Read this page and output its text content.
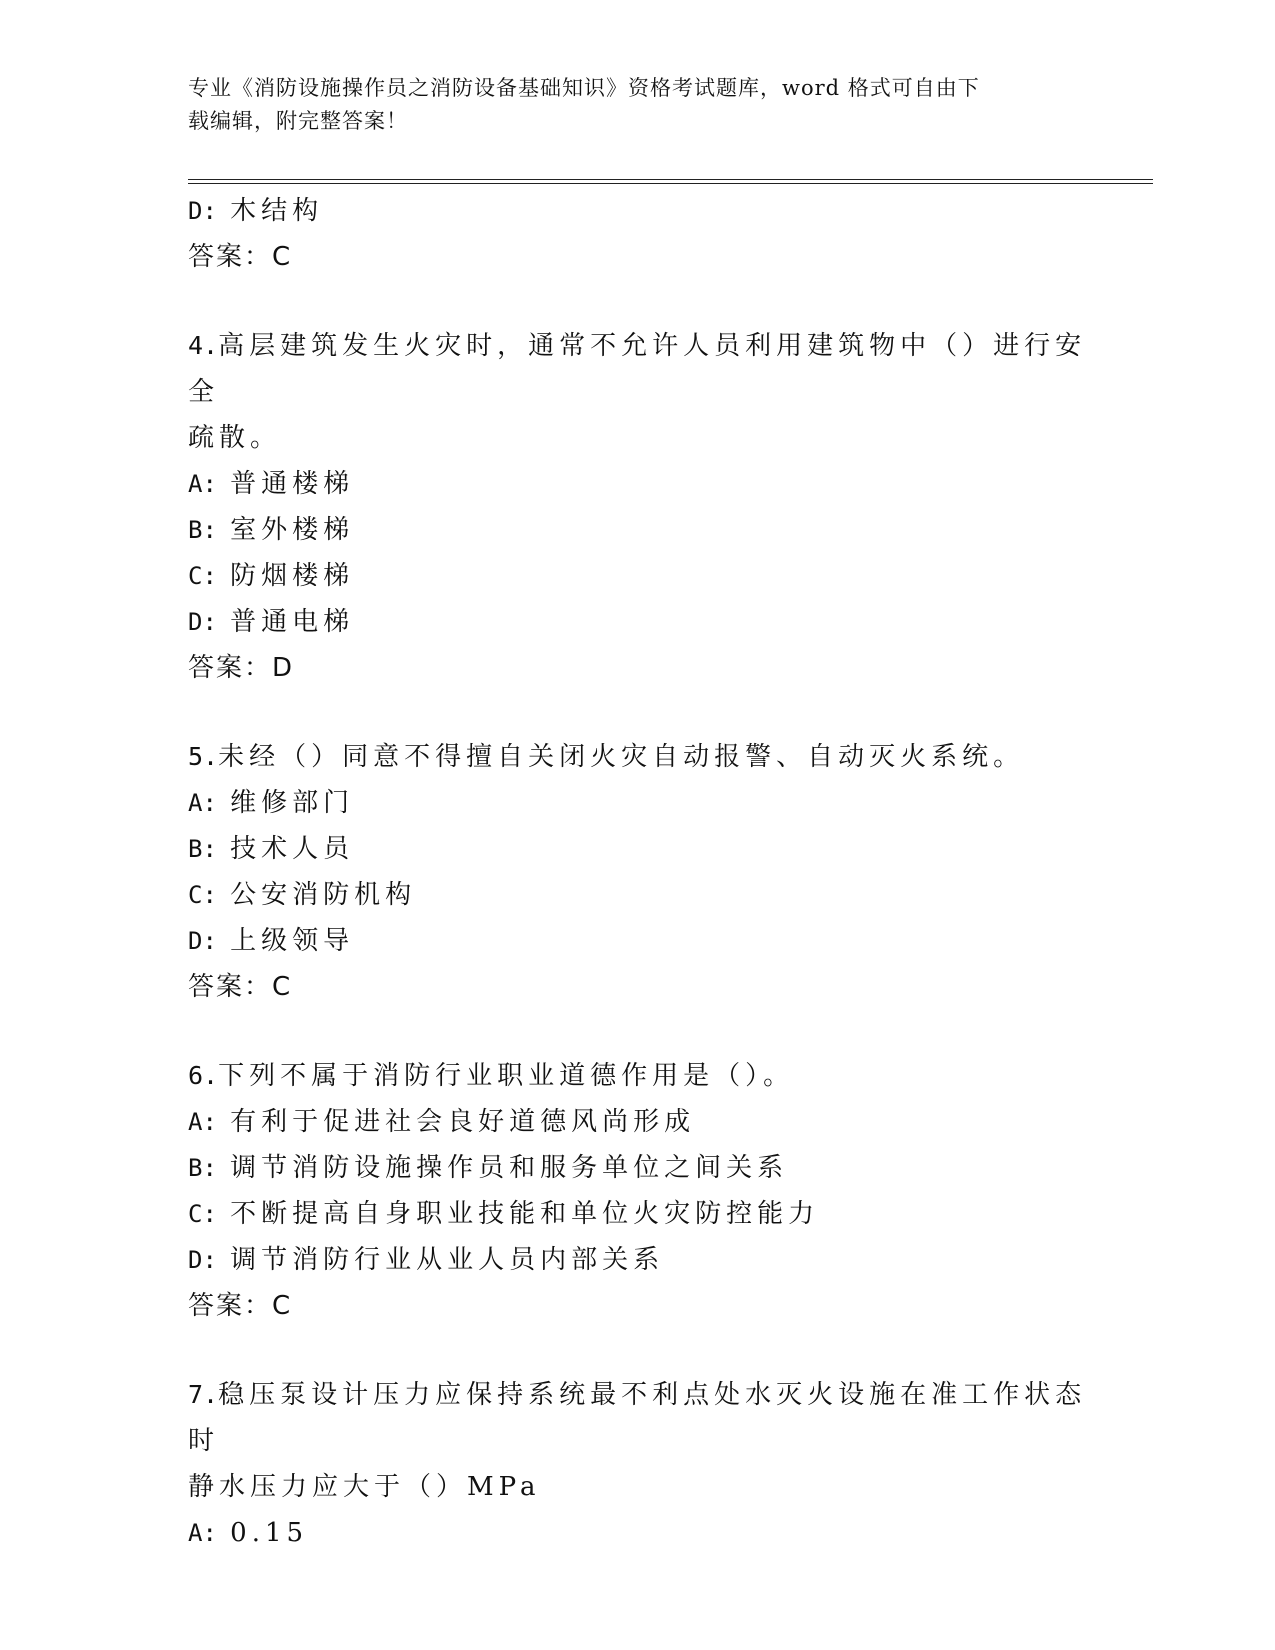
专业《消防设施操作员之消防设备基础知识》资格考试题库，word 格式可自由下
载编辑，附完整答案！
D: 木结构
答案：C
4.高层建筑发生火灾时，通常不允许人员利用建筑物中（）进行安全
疏散。
A: 普通楼梯
B: 室外楼梯
C: 防烟楼梯
D: 普通电梯
答案：D
5.未经（）同意不得擅自关闭火灾自动报警、自动灭火系统。
A: 维修部门
B: 技术人员
C: 公安消防机构
D: 上级领导
答案：C
6.下列不属于消防行业职业道德作用是（）。
A: 有利于促进社会良好道德风尚形成
B: 调节消防设施操作员和服务单位之间关系
C: 不断提高自身职业技能和单位火灾防控能力
D: 调节消防行业从业人员内部关系
答案：C
7.稳压泵设计压力应保持系统最不利点处水灭火设施在准工作状态时
静水压力应大于（）MPa
A: 0.15
